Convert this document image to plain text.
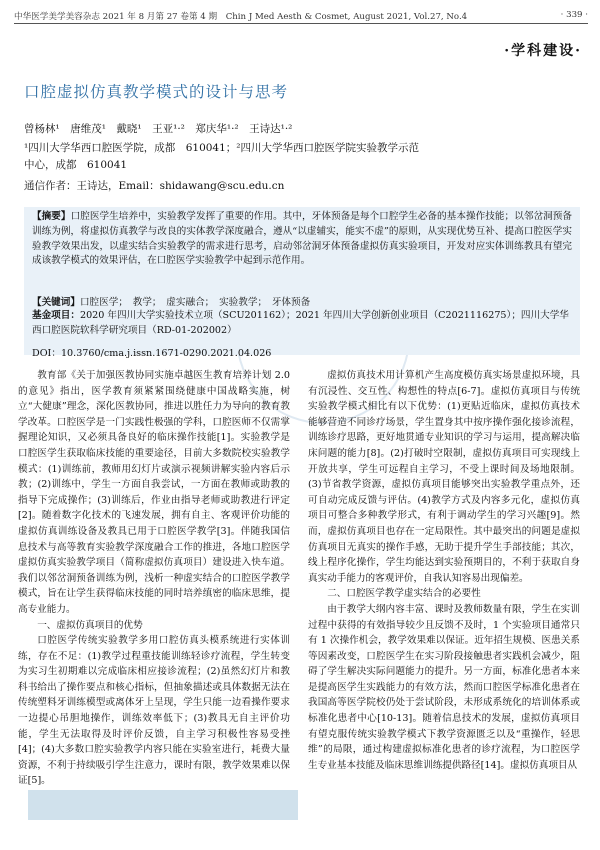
中华医学美学美容杂志 2021 年 8 月第 27 卷第 4 期　Chin J Med Aesth & Cosmet, August 2021, Vol.27, No.4	· 339 ·
·学科建设·
口腔虚拟仿真教学模式的设计与思考
曾杨林¹　唐维茂¹　戴晓¹　王亚¹·²　郑庆华¹·²　王诗达¹·²
¹四川大学华西口腔医学院，成都　610041；²四川大学华西口腔医学院实验教学示范
中心，成都　610041
通信作者：王诗达，Email：shidawang@scu.edu.cn
【摘要】口腔医学生培养中，实验教学发挥了重要的作用。其中，牙体预备是每个口腔学生必备的基本操作技能；以邻岔洞预备训练为例，将虚拟仿真教学与改良的实体教学深度融合，遵从“以虚辅实，能实不虚”的原则，从实现优势互补、提高口腔医学实验教学效果出发，以虚实结合实验教学的需求进行思考，启动邻岔洞牙体预备虚拟仿真实验项目，开发对应实体训练教具有望完成该教学模式的效果评估，在口腔医学实验教学中起到示范作用。
【关键词】口腔医学；　教学；　虚实融合；　实验教学；　牙体预备
基金项目：2020 年四川大学实验技术立项（SCU201162）；2021 年四川大学创新创业项目（C2021116275）；四川大学华西口腔医院软科学研究项目（RD-01-202002）
DOI：10.3760/cma.j.issn.1671-0290.2021.04.026

教育部《关于加强医教协同实施卓越医生教育培养计划 2.0 的意见》指出，医学教育须紧紧围绕健康中国战略实施，树立“大健康”理念，深化医教协同，推进以胜任力为导向的教育教学改革。口腔医学是一门实践性极强的学科，口腔医师不仅需掌握理论知识，又必须具备良好的临床操作技能[1]。实验教学是口腔医学生获取临床技能的重要途径，目前大多数院校实验教学模式：(1)训练前，教师用幻灯片或演示视频讲解实验内容后示教；(2)训练中，学生一方面自我尝试，一方面在教师或助教的指导下完成操作；(3)训练后，作业由指导老师或助教进行评定[2]。随着数字化技术的飞速发展，拥有自主、客观评价功能的虚拟仿真训练设备及教具已用于口腔医学教学[3]。伴随我国信息技术与高等教育实验教学深度融合工作的推进，各地口腔医学虚拟仿真实验教学项目（简称虚拟仿真项目）建设进入快车道。我们以邻岔洞预备训练为例，浅析一种虚实结合的口腔医学教学模式，旨在让学生获得临床技能的同时培养缜密的临床思维，提高专业能力。

一、虚拟仿真项目的优势

口腔医学传统实验教学多用口腔仿真头模系统进行实体训练，存在不足：(1)教学过程重技能训练轻诊疗流程，学生转变为实习生初期难以完成临床相应接诊流程；(2)虽然幻灯片和教科书给出了操作要点和核心指标，但抽象描述或具体数据无法在传统塑料牙训练模型或离体牙上呈现，学生只能一边看操作要求一边提心吊胆地操作，训练效率低下；(3)教具无自主评价功能，学生无法取得及时评价反馈，自主学习积极性容易受挫[4]；(4)大多数口腔实验教学内容只能在实验室进行，耗费大量资源，不利于持续吸引学生注意力，课时有限，教学效果难以保证[5]。

虚拟仿真技术用计算机产生高度模仿真实场景虚拟环境，具有沉浸性、交互性、构想性的特点[6-7]。虚拟仿真项目与传统实验教学模式相比有以下优势：(1)更贴近临床，虚拟仿真技术能够营造不同诊疗场景，学生置身其中按序操作强化接诊流程，训练诊疗思路，更好地贯通专业知识的学习与运用，提高解决临床问题的能力[8]。(2)打破时空限制，虚拟仿真项目可实现线上开放共享，学生可远程自主学习，不受上课时间及场地限制。(3)节省教学资源，虚拟仿真项目能够突出实验教学重点外，还可自动完成反馈与评估。(4)教学方式及内容多元化，虚拟仿真项目可整合多种教学形式，有利于调动学生的学习兴趣[9]。然而，虚拟仿真项目也存在一定局限性。其中最突出的问题是虚拟仿真项目无真实的操作手感，无助于提升学生手部技能；其次，线上程序化操作，学生均能达到实验预期目的，不利于获取自身真实动手能力的客观评价，自我认知容易出现偏差。

二、口腔医学教学虚实结合的必要性

由于教学大纲内容丰富、课时及教师数量有限，学生在实训过程中获得的有效指导较少且反馈不及时，1 个实验项目通常只有 1 次操作机会，教学效果难以保证。近年招生规模、医患关系等因素改变，口腔医学生在实习阶段接触患者实践机会减少，阻碍了学生解决实际问题能力的提升。另一方面，标准化患者本来是提高医学生实践能力的有效方法，然而口腔医学标准化患者在我国高等医学院校仍处于尝试阶段，未形成系统化的培训体系或标准化患者中心[10-13]。随着信息技术的发展，虚拟仿真项目有望克服传统实验教学模式下教学资源匮乏以及“重操作，轻思维”的局限，通过构建虚拟标准化患者的诊疗流程，为口腔医学生专业基本技能及临床思维训练提供路径[14]。虚拟仿真项目从
